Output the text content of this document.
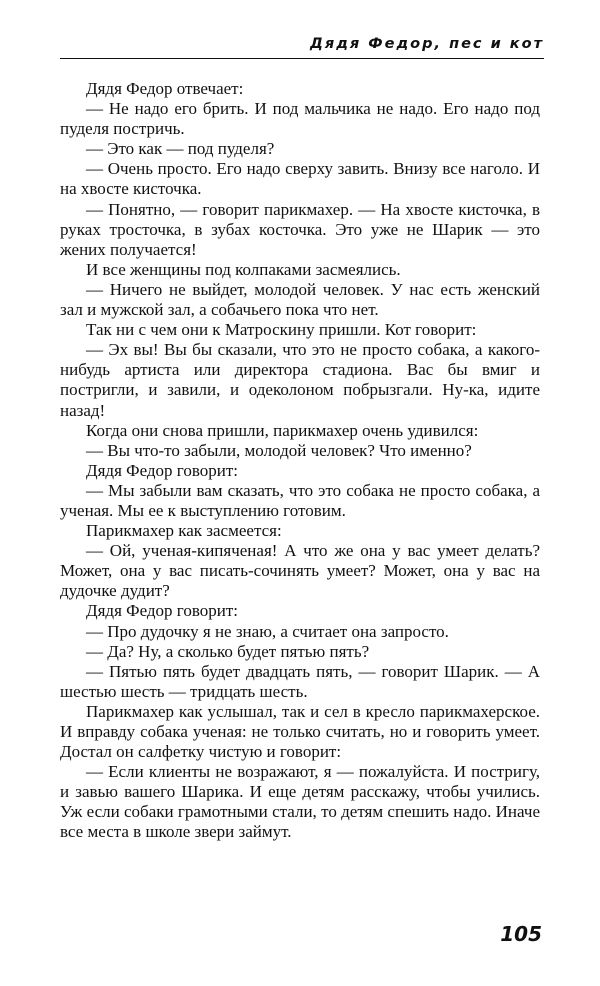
Дядя Федор, пес и кот

Дядя Федор отвечает:

— Не надо его брить. И под мальчика не надо. Его надо под пуделя постричь.

— Это как — под пуделя?

— Очень просто. Его надо сверху завить. Внизу все наголо. И на хвосте кисточка.

— Понятно, — говорит парикмахер. — На хвосте кисточка, в руках тросточка, в зубах косточка. Это уже не Шарик — это жених получается!

И все женщины под колпаками засмеялись.

— Ничего не выйдет, молодой человек. У нас есть женский зал и мужской зал, а собачьего пока что нет.

Так ни с чем они к Матроскину пришли. Кот говорит:

— Эх вы! Вы бы сказали, что это не просто собака, а какого-нибудь артиста или директора стадиона. Вас бы вмиг и постригли, и завили, и одеколоном побрызгали. Ну-ка, идите назад!

Когда они снова пришли, парикмахер очень удивился:

— Вы что-то забыли, молодой человек? Что именно?

Дядя Федор говорит:

— Мы забыли вам сказать, что это собака не просто собака, а ученая. Мы ее к выступлению готовим.

Парикмахер как засмеется:

— Ой, ученая-кипяченая! А что же она у вас умеет делать? Может, она у вас писать-сочинять умеет? Может, она у вас на дудочке дудит?

Дядя Федор говорит:

— Про дудочку я не знаю, а считает она запросто.

— Да? Ну, а сколько будет пятью пять?

— Пятью пять будет двадцать пять, — говорит Шарик. — А шестью шесть — тридцать шесть.

Парикмахер как услышал, так и сел в кресло парикмахерское. И вправду собака ученая: не только считать, но и говорить умеет. Достал он салфетку чистую и говорит:

— Если клиенты не возражают, я — пожалуйста. И постригу, и завью вашего Шарика. И еще детям расскажу, чтобы учились. Уж если собаки грамотными стали, то детям спешить надо. Иначе все места в школе звери займут.

105
